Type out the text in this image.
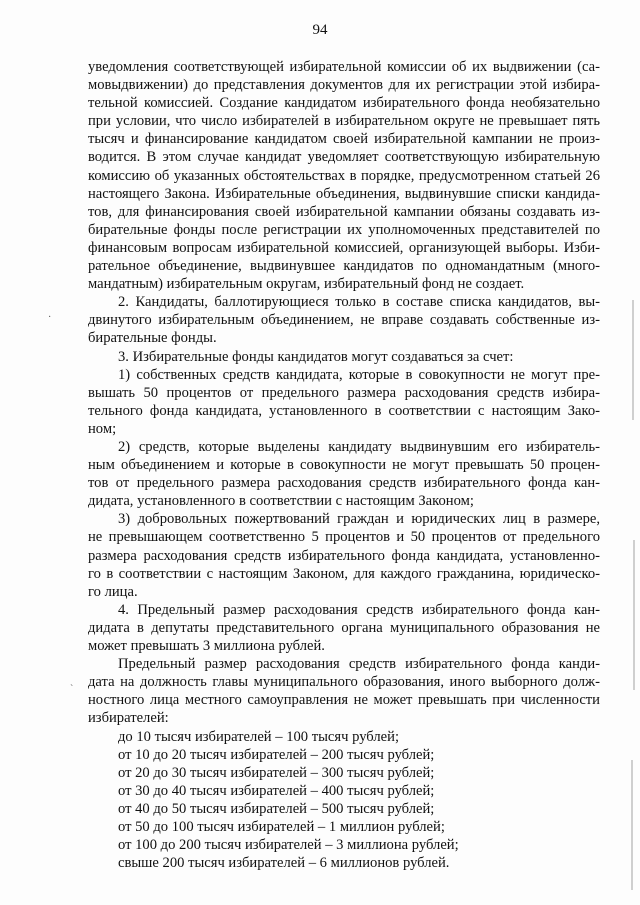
·
`
94
уведомления соответствующей избирательной комиссии об их выдвижении (са-
мовыдвижении) до представления документов для их регистрации этой избира-
тельной комиссией. Создание кандидатом избирательного фонда необязательно
при условии, что число избирателей в избирательном округе не превышает пять
тысяч и финансирование кандидатом своей избирательной кампании не произ-
водится. В этом случае кандидат уведомляет соответствующую избирательную
комиссию об указанных обстоятельствах в порядке, предусмотренном статьей 26
настоящего Закона. Избирательные объединения, выдвинувшие списки кандида-
тов, для финансирования своей избирательной кампании обязаны создавать из-
бирательные фонды после регистрации их уполномоченных представителей по
финансовым вопросам избирательной комиссией, организующей выборы. Изби-
рательное объединение, выдвинувшее кандидатов по одномандатным (много-
мандатным) избирательным округам, избирательный фонд не создает.
2. Кандидаты, баллотирующиеся только в составе списка кандидатов, вы-
двинутого избирательным объединением, не вправе создавать собственные из-
бирательные фонды.
3. Избирательные фонды кандидатов могут создаваться за счет:
1) собственных средств кандидата, которые в совокупности не могут пре-
вышать 50 процентов от предельного размера расходования средств избира-
тельного фонда кандидата, установленного в соответствии с настоящим Зако-
ном;
2) средств, которые выделены кандидату выдвинувшим его избиратель-
ным объединением и которые в совокупности не могут превышать 50 процен-
тов от предельного размера расходования средств избирательного фонда кан-
дидата, установленного в соответствии с настоящим Законом;
3) добровольных пожертвований граждан и юридических лиц в размере,
не превышающем соответственно 5 процентов и 50 процентов от предельного
размера расходования средств избирательного фонда кандидата, установленно-
го в соответствии с настоящим Законом, для каждого гражданина, юридическо-
го лица.
4. Предельный размер расходования средств избирательного фонда кан-
дидата в депутаты представительного органа муниципального образования не
может превышать 3 миллиона рублей.
Предельный размер расходования средств избирательного фонда канди-
дата на должность главы муниципального образования, иного выборного долж-
ностного лица местного самоуправления не может превышать при численности
избирателей:
до 10 тысяч избирателей – 100 тысяч рублей;
от 10 до 20 тысяч избирателей – 200 тысяч рублей;
от 20 до 30 тысяч избирателей – 300 тысяч рублей;
от 30 до 40 тысяч избирателей – 400 тысяч рублей;
от 40 до 50 тысяч избирателей – 500 тысяч рублей;
от 50 до 100 тысяч избирателей – 1 миллион рублей;
от 100 до 200 тысяч избирателей – 3 миллиона рублей;
свыше 200 тысяч избирателей – 6 миллионов рублей.
